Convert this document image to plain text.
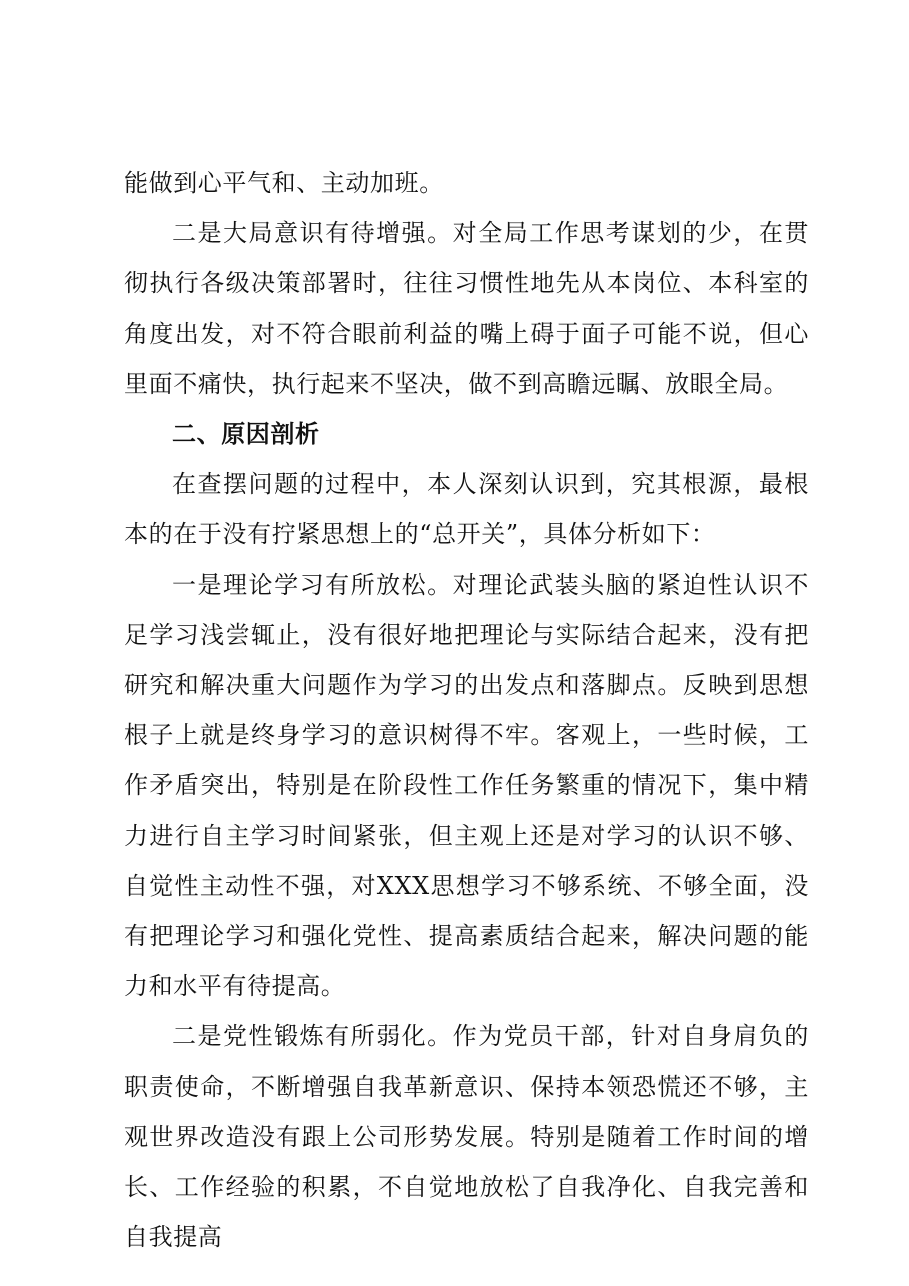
能做到心平气和、主动加班。

二是大局意识有待增强。对全局工作思考谋划的少，在贯彻执行各级决策部署时，往往习惯性地先从本岗位、本科室的角度出发，对不符合眼前利益的嘴上碍于面子可能不说，但心里面不痛快，执行起来不坚决，做不到高瞻远瞩、放眼全局。

二、原因剖析

在查摆问题的过程中，本人深刻认识到，究其根源，最根本的在于没有拧紧思想上的“总开关”，具体分析如下：

一是理论学习有所放松。对理论武装头脑的紧迫性认识不足学习浅尝辄止，没有很好地把理论与实际结合起来，没有把研究和解决重大问题作为学习的出发点和落脚点。反映到思想根子上就是终身学习的意识树得不牢。客观上，一些时候，工作矛盾突出，特别是在阶段性工作任务繁重的情况下，集中精力进行自主学习时间紧张，但主观上还是对学习的认识不够、自觉性主动性不强，对XXX思想学习不够系统、不够全面，没有把理论学习和强化党性、提高素质结合起来，解决问题的能力和水平有待提高。

二是党性锻炼有所弱化。作为党员干部，针对自身肩负的职责使命，不断增强自我革新意识、保持本领恐慌还不够，主观世界改造没有跟上公司形势发展。特别是随着工作时间的增长、工作经验的积累，不自觉地放松了自我净化、自我完善和自我提高
